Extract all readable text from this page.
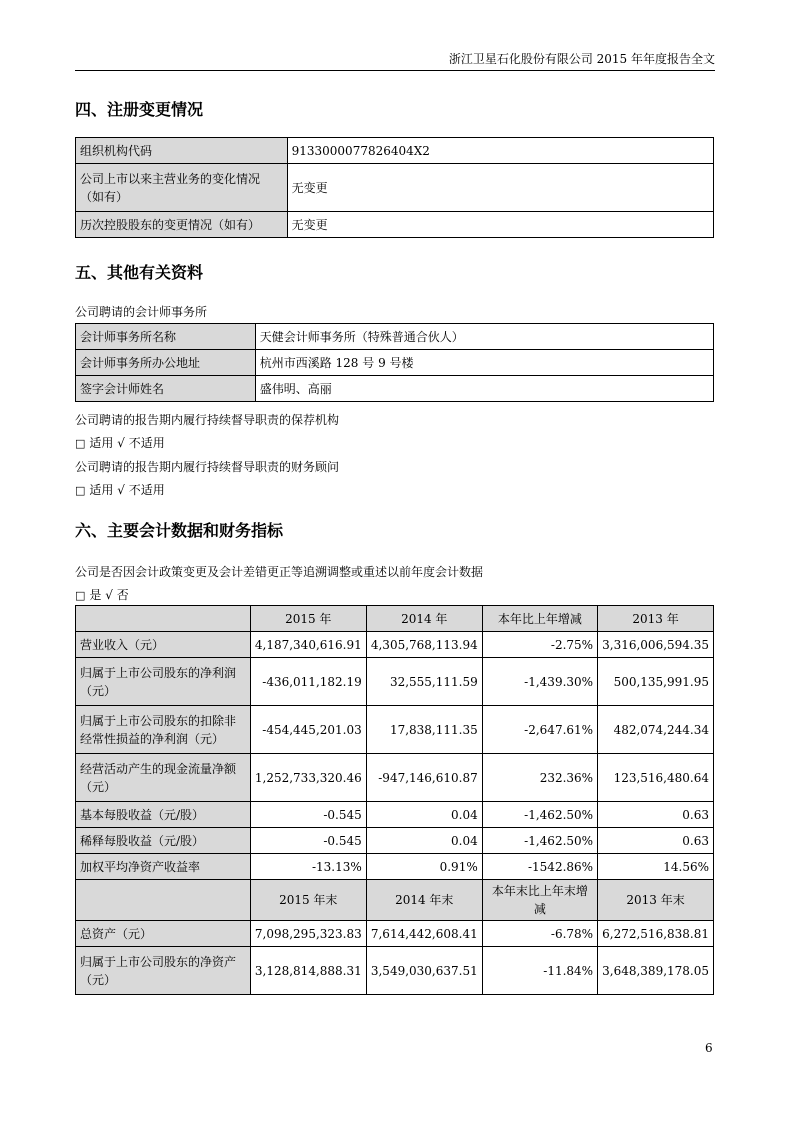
浙江卫星石化股份有限公司 2015 年年度报告全文
四、注册变更情况
组织机构代码	9133000077826404X2
公司上市以来主营业务的变化情况（如有）	无变更
历次控股股东的变更情况（如有）	无变更
五、其他有关资料
公司聘请的会计师事务所
会计师事务所名称	天健会计师事务所（特殊普通合伙人）
会计师事务所办公地址	杭州市西溪路 128 号 9 号楼
签字会计师姓名	盛伟明、高丽
公司聘请的报告期内履行持续督导职责的保荐机构
□ 适用 √ 不适用
公司聘请的报告期内履行持续督导职责的财务顾问
□ 适用 √ 不适用
六、主要会计数据和财务指标
公司是否因会计政策变更及会计差错更正等追溯调整或重述以前年度会计数据
□ 是 √ 否
	2015 年	2014 年	本年比上年增减	2013 年
营业收入（元）	4,187,340,616.91	4,305,768,113.94	-2.75%	3,316,006,594.35
归属于上市公司股东的净利润（元）	-436,011,182.19	32,555,111.59	-1,439.30%	500,135,991.95
归属于上市公司股东的扣除非经常性损益的净利润（元）	-454,445,201.03	17,838,111.35	-2,647.61%	482,074,244.34
经营活动产生的现金流量净额（元）	1,252,733,320.46	-947,146,610.87	232.36%	123,516,480.64
基本每股收益（元/股）	-0.545	0.04	-1,462.50%	0.63
稀释每股收益（元/股）	-0.545	0.04	-1,462.50%	0.63
加权平均净资产收益率	-13.13%	0.91%	-1542.86%	14.56%
	2015 年末	2014 年末	本年末比上年末增减	2013 年末
总资产（元）	7,098,295,323.83	7,614,442,608.41	-6.78%	6,272,516,838.81
归属于上市公司股东的净资产（元）	3,128,814,888.31	3,549,030,637.51	-11.84%	3,648,389,178.05
6
